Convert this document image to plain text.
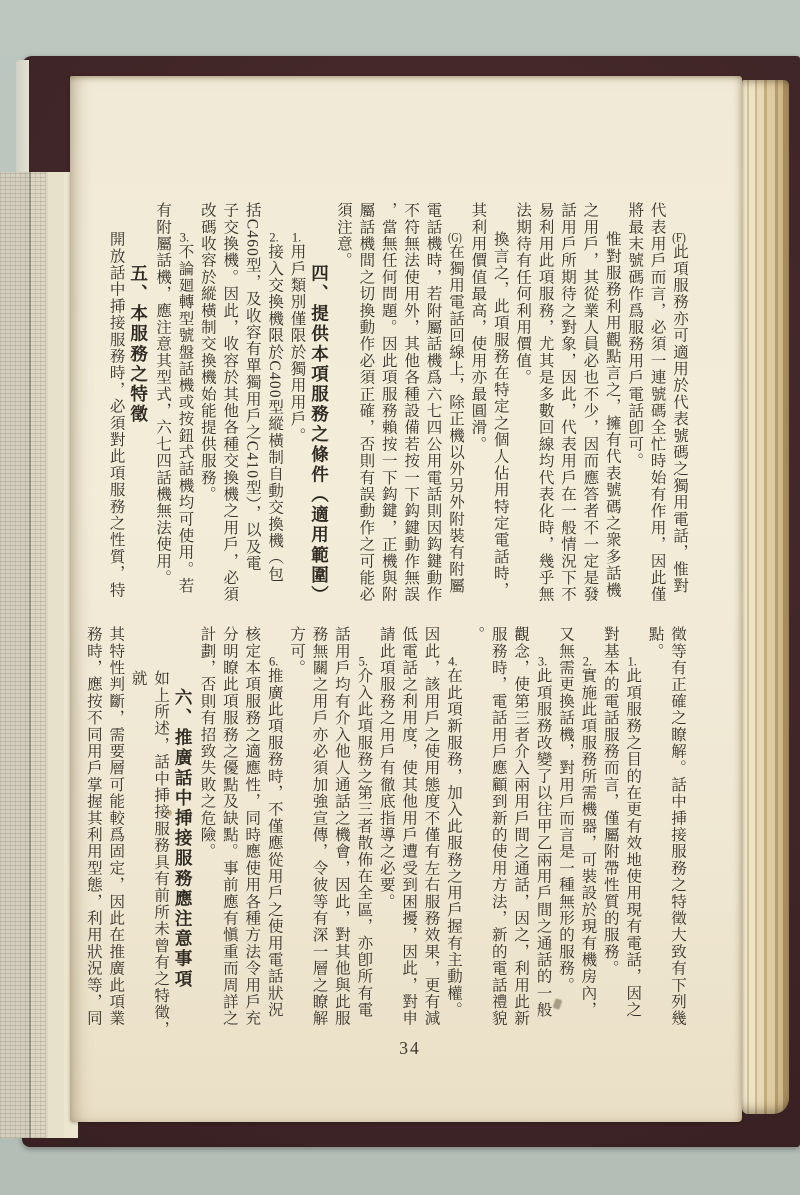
(F)此項服務亦可適用於代表號碼之獨用電話，惟對
代表用戶而言，必須一連號碼全忙時始有作用，因此僅
將最末號碼作爲服務用戶電話卽可。
惟對服務利用觀點言之，擁有代表號碼之衆多話機
之用戶，其從業人員必也不少，因而應答者不一定是發
話用戶所期待之對象，因此，代表用戶在一般情況下不
易利用此項服務，尤其是多數回線均代表化時，幾乎無
法期待有任何利用價值。
換言之，此項服務在特定之個人佔用特定電話時，
其利用價值最高，使用亦最圓滑。
(G)在獨用電話回線上，除正機以外另外附裝有附屬
電話機時，若附屬話機爲六七四公用電話則因鈎鍵動作
不符無法使用外，其他各種設備若按一下鈎鍵動作無誤
，當無任何問題。因此項服務賴按一下鈎鍵，正機與附
屬話機間之切換動作必須正確，否則有誤動作之可能必
須注意。
四、提供本項服務之條件（適用範圍）
1.用戶類別僅限於獨用用戶。
2.接入交換機限於C400型縱橫制自動交換機（包
括C460型，及收容有單獨用戶之C410型），以及電
子交換機。因此，收容於其他各種交換機之用戶，必須
改碼收容於縱橫制交換機始能提供服務。
3.不論廻轉型號盤話機或按鈕式話機均可使用。若
有附屬話機，應注意其型式，六七四話機無法使用。
五、本服務之特徵
開放話中挿接服務時，必須對此項服務之性質，特
徵等有正確之瞭解。話中挿接服務之特徵大致有下列幾
點。
1.此項服務之目的在更有效地使用現有電話，因之
對基本的電話服務而言，僅屬附帶性質的服務。
2.實施此項服務所需機器，可裝設於現有機房內，
又無需更換話機，對用戶而言是一種無形的服務。
3.此項服務改變了以往甲乙兩用戶間之通話的一般
觀念，使第三者介入兩用戶間之通話，因之，利用此新
服務時，電話用戶應顧到新的使用方法，新的電話禮貌
。
4.在此項新服務，加入此服務之用戶握有主動權。
因此，該用戶之使用態度不僅有左右服務效果，更有減
低電話之利用度，使其他用戶遭受到困擾，因此，對申
請此項服務之用戶有徹底指導之必要。
5.介入此項服務之第三者散佈在全區，亦卽所有電
話用戶均有介入他人通話之機會，因此，對其他與此服
務無關之用戶亦必須加強宣傳，令彼等有深一層之瞭解
方可。
6.推廣此項服務時，不僅應從用戶之使用電話狀況
核定本項服務之適應性，同時應使用各種方法令用戶充
分明瞭此項服務之優點及缺點。事前應有愼重而周詳之
計劃，否則有招致失敗之危險。
六、推廣話中挿接服務應注意事項
如上所述，話中挿接服務具有前所未曾有之特徵，就
其特性判斷，需要層可能較爲固定，因此在推廣此項業
務時，應按不同用戶掌握其利用型態，利用狀況等，同
34
